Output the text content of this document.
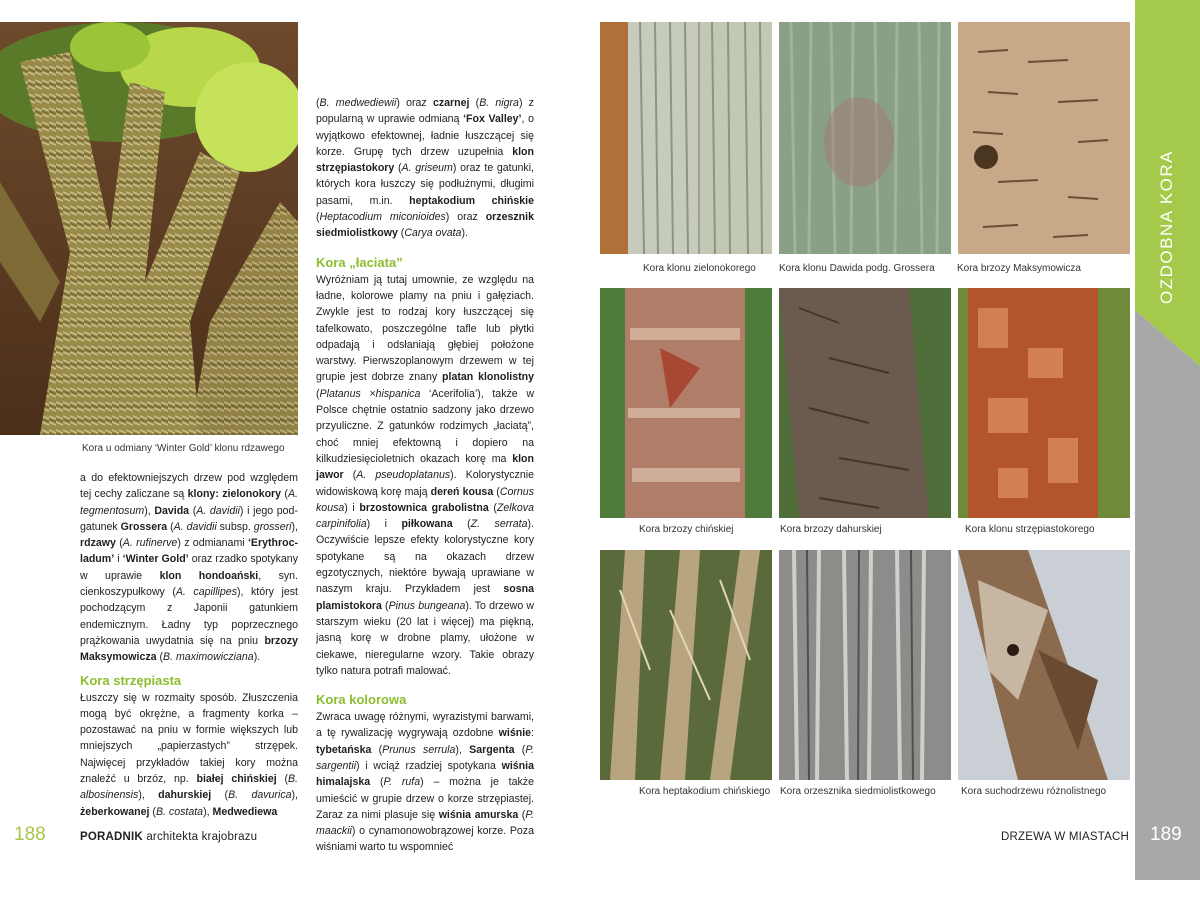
Kora u odmiany ‘Winter Gold’ klonu rdzawego

a do efektowniejszych drzew pod względem tej cechy zaliczane są klony: zielonokory (A. tegmentosum), Davida (A. davidii) i jego podgatunek Grossera (A. davidii subsp. grosseri), rdzawy (A. rufinerve) z odmianami ‘Erythrocladum’ i ‘Winter Gold’ oraz rzadko spotykany w uprawie klon hondoański, syn. cienkoszypułkowy (A. capillipes), który jest pochodzącym z Japonii gatunkiem endemicznym. Ładny typ poprzecznego prążkowania uwydatnia się na pniu brzozy Maksymowicza (B. maximowicziana).

Kora strzępiasta

Łuszczy się w rozmaity sposób. Złuszczenia mogą być okrężne, a fragmenty korka – pozostawać na pniu w formie większych lub mniejszych „papierzastych” strzępek. Najwięcej przykładów takiej kory można znaleźć u brzóz, np. białej chińskiej (B. albosinensis), dahurskiej (B. davurica), żeberkowanej (B. costata), Medwediewa

(B. medwediewii) oraz czarnej (B. nigra) z popularną w uprawie odmianą ‘Fox Valley’, o wyjątkowo efektownej, ładnie łuszczącej się korze. Grupę tych drzew uzupełnia klon strzępiastokory (A. griseum) oraz te gatunki, których kora łuszczy się podłużnymi, długimi pasami, m.in. heptakodium chińskie (Heptacodium miconioides) oraz orzesznik siedmiolistkowy (Carya ovata).

Kora „łaciata”

Wyróżniam ją tutaj umownie, ze względu na ładne, kolorowe plamy na pniu i gałęziach. Zwykle jest to rodzaj kory łuszczącej się tafelkowato, poszczególne tafle lub płytki odpadają i odsłaniają głębiej położone warstwy. Pierwszoplanowym drzewem w tej grupie jest dobrze znany platan klonolistny (Platanus ×hispanica ‘Acerifolia’), także w Polsce chętnie ostatnio sadzony jako drzewo przyuliczne. Z gatunków rodzimych „łaciatą”, choć mniej efektowną i dopiero na kilkudziesięcioletnich okazach korę ma klon jawor (A. pseudoplatanus). Kolorystycznie widowiskową korę mają dereń kousa (Cornus kousa) i brzostownica grabolistna (Zelkova carpinifolia) i piłkowana (Z. serrata). Oczywiście lepsze efekty kolorystyczne kory spotykane są na okazach drzew egzotycznych, niektóre bywają uprawiane w naszym kraju. Przykładem jest sosna plamistokora (Pinus bungeana). To drzewo w starszym wieku (20 lat i więcej) ma piękną, jasną korę w drobne plamy, ułożone w ciekawe, nieregularne wzory. Takie obrazy tylko natura potrafi malować.

Kora kolorowa

Zwraca uwagę różnymi, wyrazistymi barwami, a tę rywalizację wygrywają ozdobne wiśnie: tybetańska (Prunus serrula), Sargenta (P. sargentii) i wciąż rzadziej spotykana wiśnia himalajska (P. rufa) – można je także umieścić w grupie drzew o korze strzępiastej. Zaraz za nimi plasuje się wiśnia amurska (P. maackii) o cynamonowobrązowej korze. Poza wiśniami warto tu wspomnieć

188	PORADNIK architekta krajobrazu
Kora klonu zielonokorego Kora klonu Dawida podg. Grossera Kora brzozy Maksymowicza
Kora brzozy chińskiej	Kora brzozy dahurskiej	Kora klonu strzępiastokorego
Kora heptakodium chińskiego Kora orzesznika siedmiolistkowego	Kora suchodrzewu różnolistnego
OZDOBNA KORA
DRZEWA W MIASTACH 189
